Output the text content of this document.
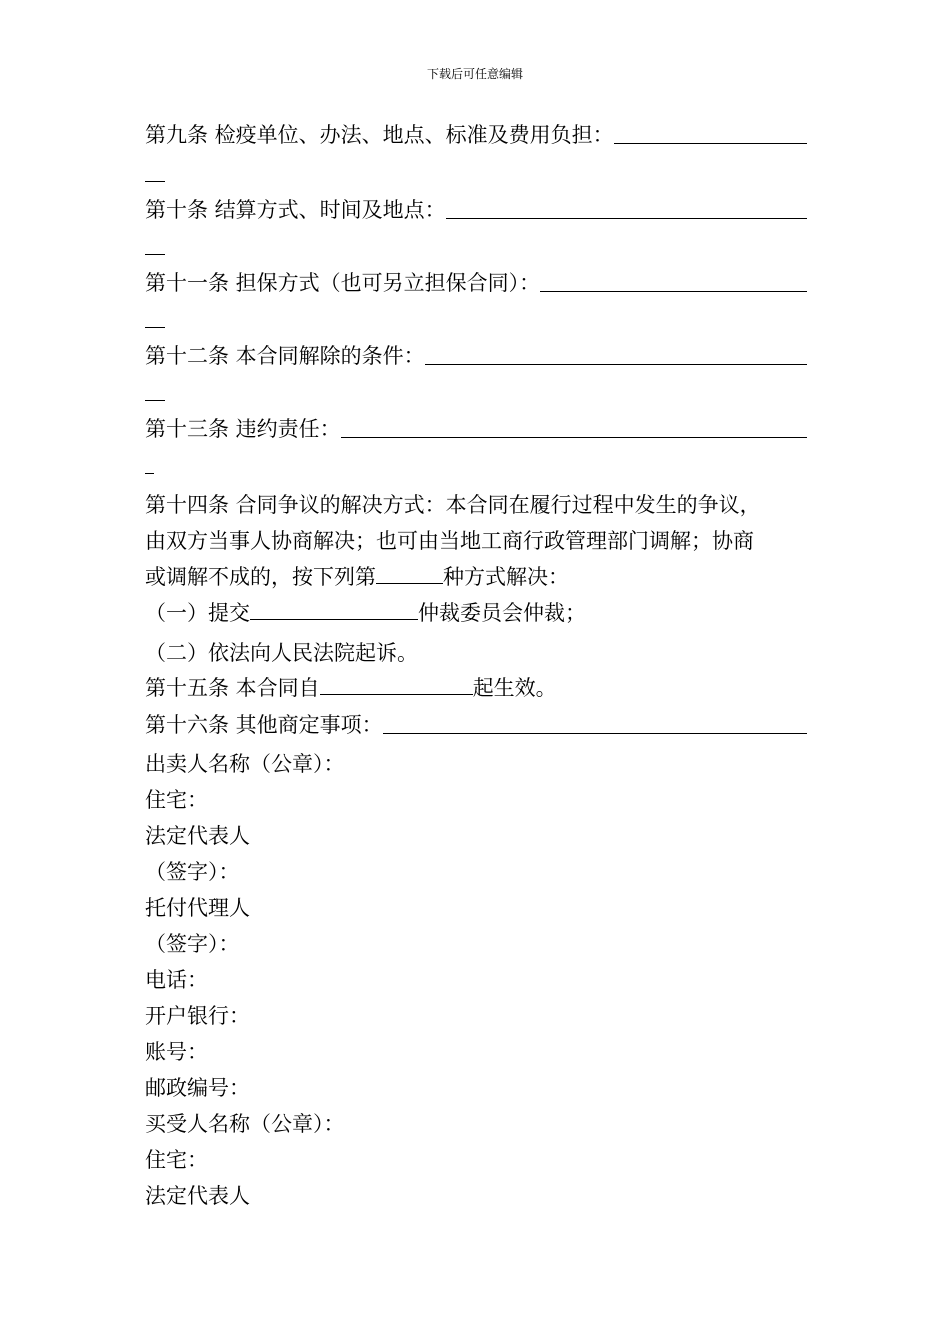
下载后可任意编辑
第九条 检疫单位、办法、地点、标准及费用负担：
第十条 结算方式、时间及地点：
第十一条 担保方式（也可另立担保合同）：
第十二条 本合同解除的条件：
第十三条 违约责任：
第十四条 合同争议的解决方式：本合同在履行过程中发生的争议，
由双方当事人协商解决；也可由当地工商行政管理部门调解；协商
或调解不成的，按下列第	种方式解决：
（一）提交	仲裁委员会仲裁；
（二）依法向人民法院起诉。
第十五条 本合同自	起生效。
第十六条 其他商定事项：
出卖人名称（公章）：
住宅：
法定代表人
（签字）：
托付代理人
（签字）：
电话：
开户银行：
账号：
邮政编号：
买受人名称（公章）：
住宅：
法定代表人
